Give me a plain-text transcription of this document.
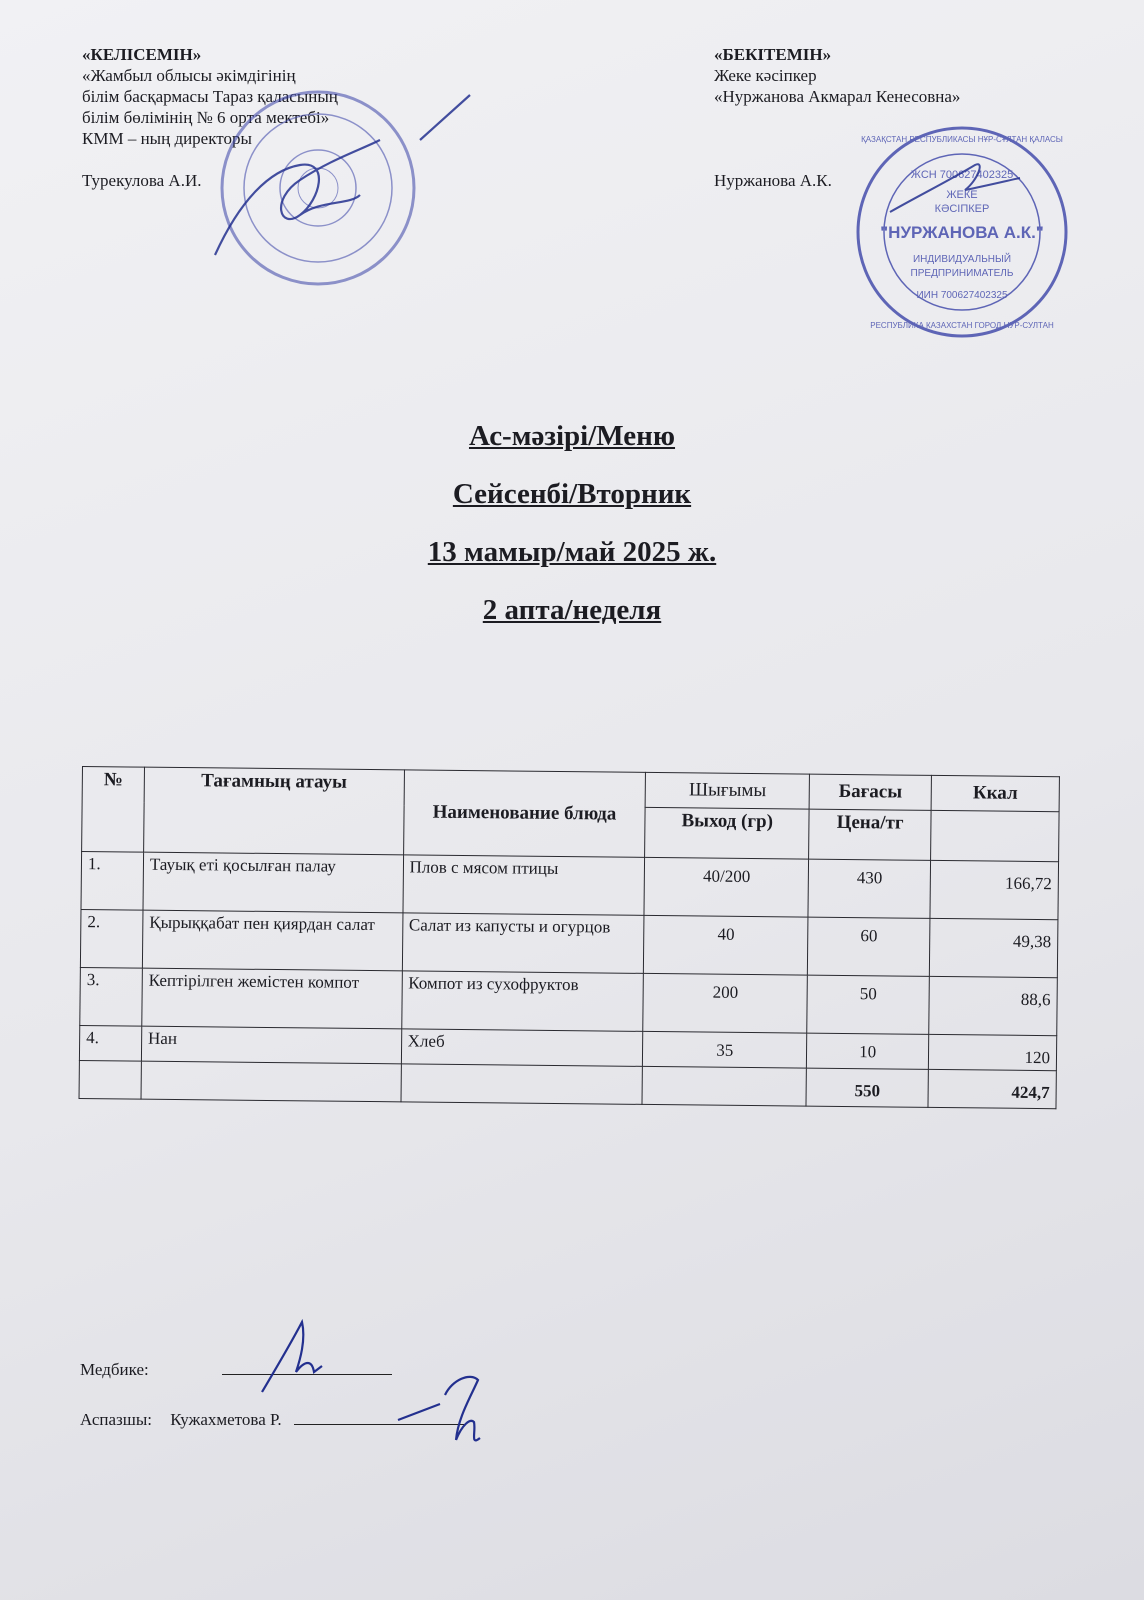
«КЕЛІСЕМІН»
«Жамбыл облысы әкімдігінің
білім басқармасы Тараз қаласының
білім бөлімінің № 6 орта мектебі»
КММ – ның директоры
Турекулова А.И.
«БЕКІТЕМІН»
Жеке кәсіпкер
«Нуржанова Акмарал Кенесовна»
Нуржанова А.К.
Ас-мәзірі/Меню
Сейсенбі/Вторник
13 мамыр/май 2025 ж.
2 апта/неделя
№	Тағамның атауы	Наименование блюда	Шығымы	Бағасы	Ккал
			Выход (гр)	Цена/тг	
1.	Тауық еті қосылған палау	Плов с мясом птицы	40/200	430	166,72
2.	Қырыққабат пен қиярдан салат	Салат из капусты и огурцов	40	60	49,38
3.	Кептірілген жемістен компот	Компот из сухофруктов	200	50	88,6
4.	Нан	Хлеб	35	10	120
				550	424,7
Медбике:
Аспазшы: Кужахметова Р.
ЖСН 700627402325
ЖЕКЕ
КӘСІПКЕР
"НУРЖАНОВА А.К."
ИНДИВИДУАЛЬНЫЙ
ПРЕДПРИНИМАТЕЛЬ
ИИН 700627402325
ҚАЗАҚСТАН РЕСПУБЛИКАСЫ НҰР-СҰЛТАН ҚАЛАСЫ
РЕСПУБЛИКА КАЗАХСТАН ГОРОД НУР-СУЛТАН
